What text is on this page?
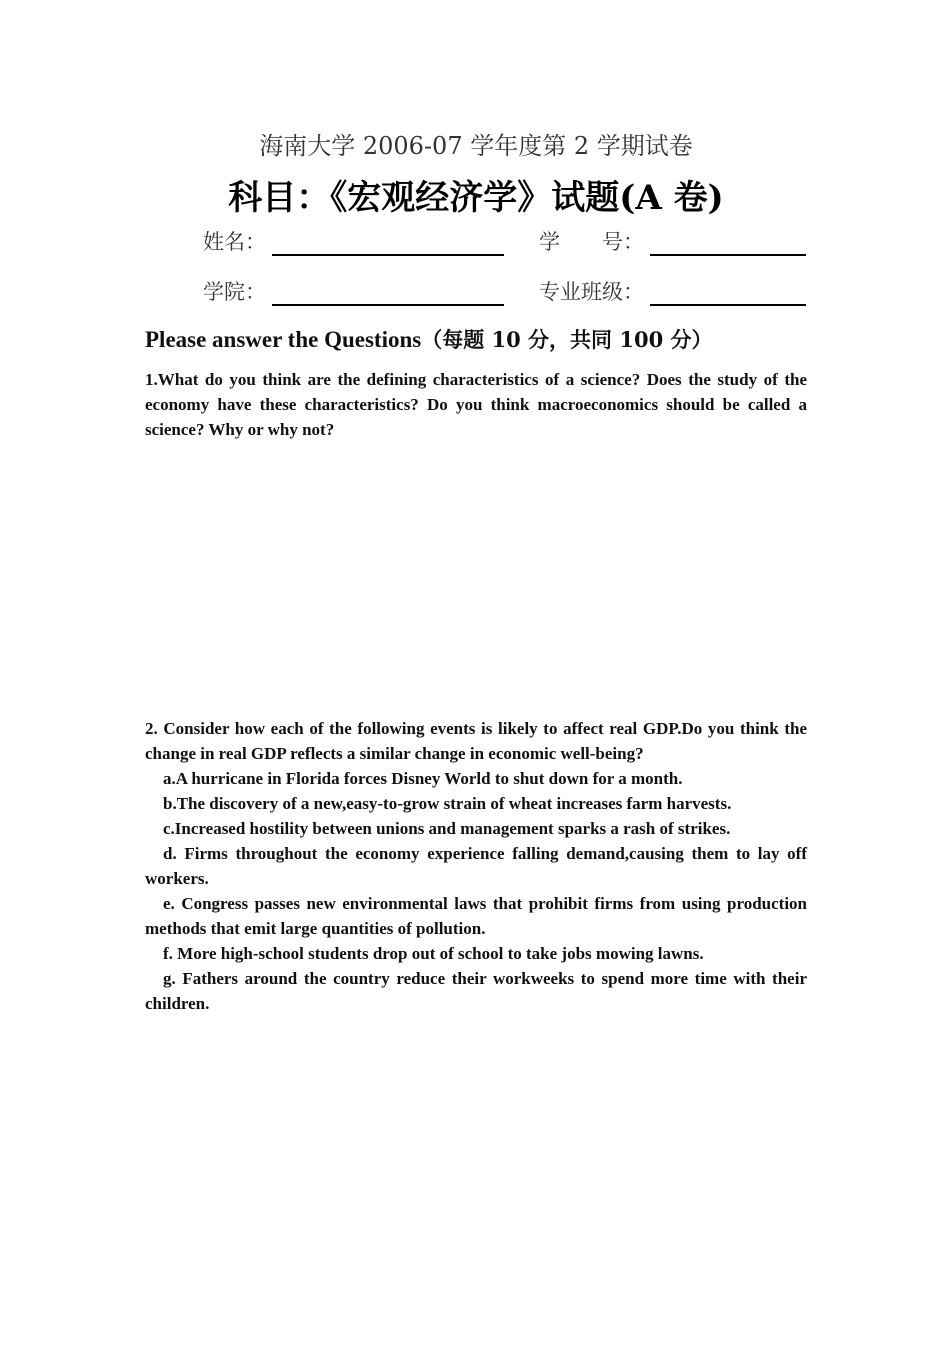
海南大学 2006-07 学年度第 2 学期试卷
科目：《宏观经济学》试题(A 卷)
姓名：	学　　号：
学院：	专业班级：
Please answer the Questions（每题 10 分，共同 100 分）
1.What do you think are the defining characteristics of a science? Does the study of the economy have these characteristics? Do you think macroeconomics should be called a science? Why or why not?

2. Consider how each of the following events is likely to affect real GDP.Do you think the change in real GDP reflects a similar change in economic well-being?

a.A hurricane in Florida forces Disney World to shut down for a month.

b.The discovery of a new,easy-to-grow strain of wheat increases farm harvests.

c.Increased hostility between unions and management sparks a rash of strikes.

d. Firms throughout the economy experience falling demand,causing them to lay off workers.

e. Congress passes new environmental laws that prohibit firms from using production methods that emit large quantities of pollution.

f. More high-school students drop out of school to take jobs mowing lawns.

g. Fathers around the country reduce their workweeks to spend more time with their children.
